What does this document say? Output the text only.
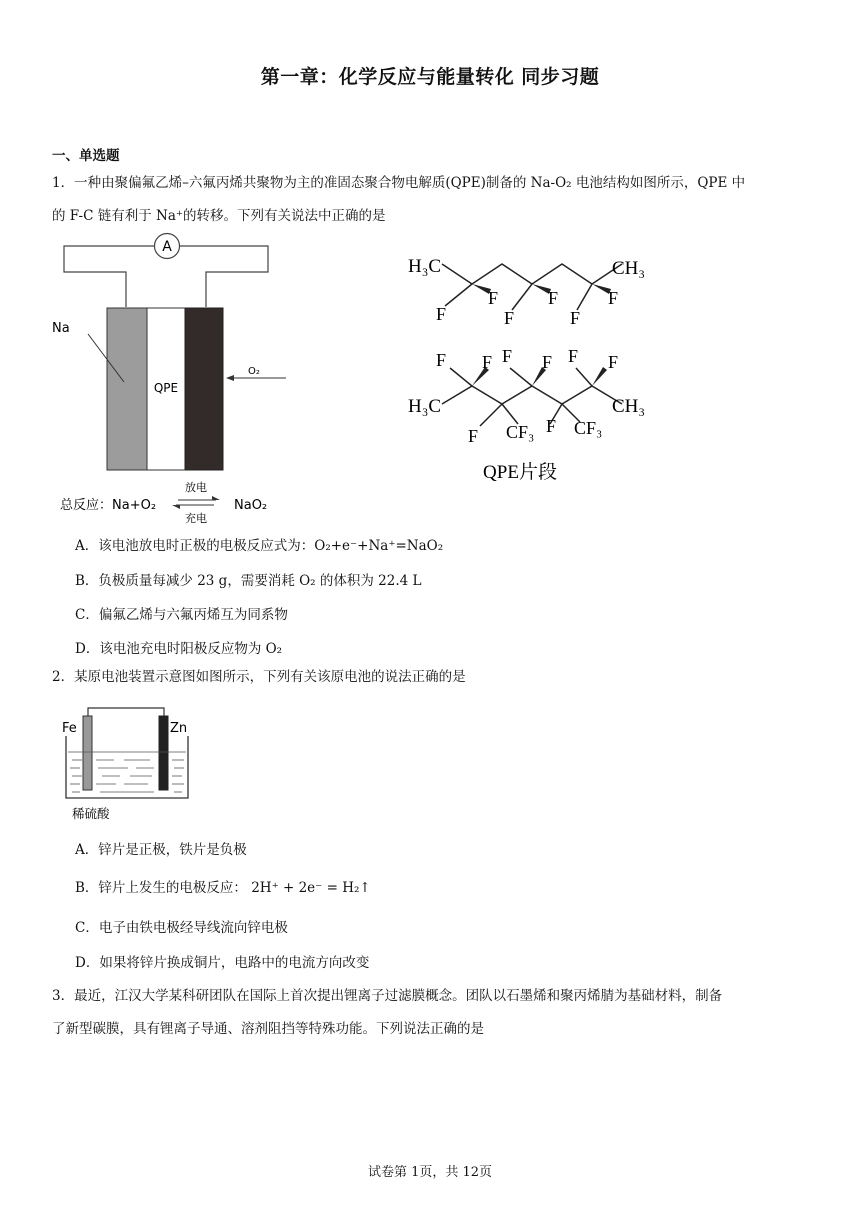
第一章：化学反应与能量转化 同步习题
一、单选题
1．一种由聚偏氟乙烯–六氟丙烯共聚物为主的准固态聚合物电解质(QPE)制备的 Na-O₂ 电池结构如图所示，QPE 中
的 F-C 链有利于 Na⁺的转移。下列有关说法中正确的是
A
Na
QPE
O₂
总反应：Na+O₂
放电
充电
NaO₂
H₃C	CH₃
F
F
F
F
F
F
F F F F F F
H₃C	CH₃
F CF₃ F CF₃
QPE片段
A．该电池放电时正极的电极反应式为：O₂+e⁻+Na⁺=NaO₂
B．负极质量每减少 23 g，需要消耗 O₂ 的体积为 22.4 L
C．偏氟乙烯与六氟丙烯互为同系物
D．该电池充电时阳极反应物为 O₂
2．某原电池装置示意图如图所示，下列有关该原电池的说法正确的是
Fe	Zn
稀硫酸
A．锌片是正极，铁片是负极
B．锌片上发生的电极反应： 2H⁺ + 2e⁻ = H₂↑
C．电子由铁电极经导线流向锌电极
D．如果将锌片换成铜片，电路中的电流方向改变
3．最近，江汉大学某科研团队在国际上首次提出锂离子过滤膜概念。团队以石墨烯和聚丙烯腈为基础材料，制备
了新型碳膜，具有锂离子导通、溶剂阻挡等特殊功能。下列说法正确的是
试卷第 1页，共 12页
